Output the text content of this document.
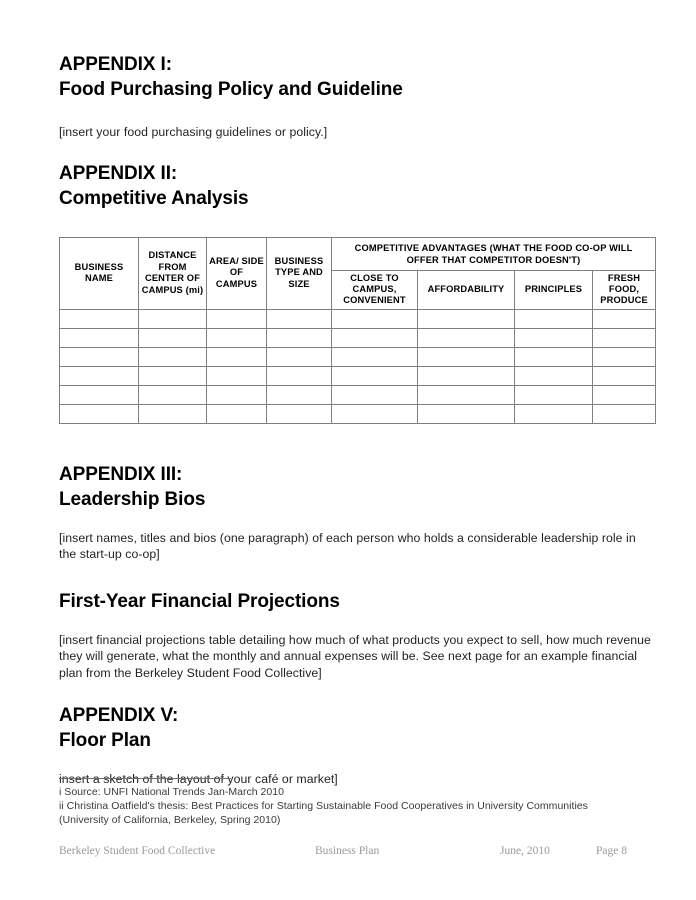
APPENDIX I:
Food Purchasing Policy and Guideline
[insert your food purchasing guidelines or policy.]
APPENDIX II:
Competitive Analysis
BUSINESS NAME	DISTANCE FROM CENTER OF CAMPUS (mi)	AREA/ SIDE OF CAMPUS	BUSINESS TYPE AND SIZE	COMPETITIVE ADVANTAGES (WHAT THE FOOD CO-OP WILL OFFER THAT COMPETITOR DOESN'T)			
				CLOSE TO CAMPUS, CONVENIENT	AFFORDABILITY	PRINCIPLES	FRESH FOOD, PRODUCE

APPENDIX III:
Leadership Bios
[insert names, titles and bios (one paragraph) of each person who holds a considerable leadership role in the start-up co-op]
First-Year Financial Projections
[insert financial projections table detailing how much of what products you expect to sell, how much revenue they will generate, what the monthly and annual expenses will be. See next page for an example financial plan from the Berkeley Student Food Collective]
APPENDIX V:
Floor Plan
insert a sketch of the layout of your café or market]
i Source: UNFI National Trends Jan-March 2010
ii Christina Oatfield's thesis: Best Practices for Starting Sustainable Food Cooperatives in University Communities
(University of California, Berkeley, Spring 2010)
Berkeley Student Food Collective	Business Plan	June, 2010	Page 8
